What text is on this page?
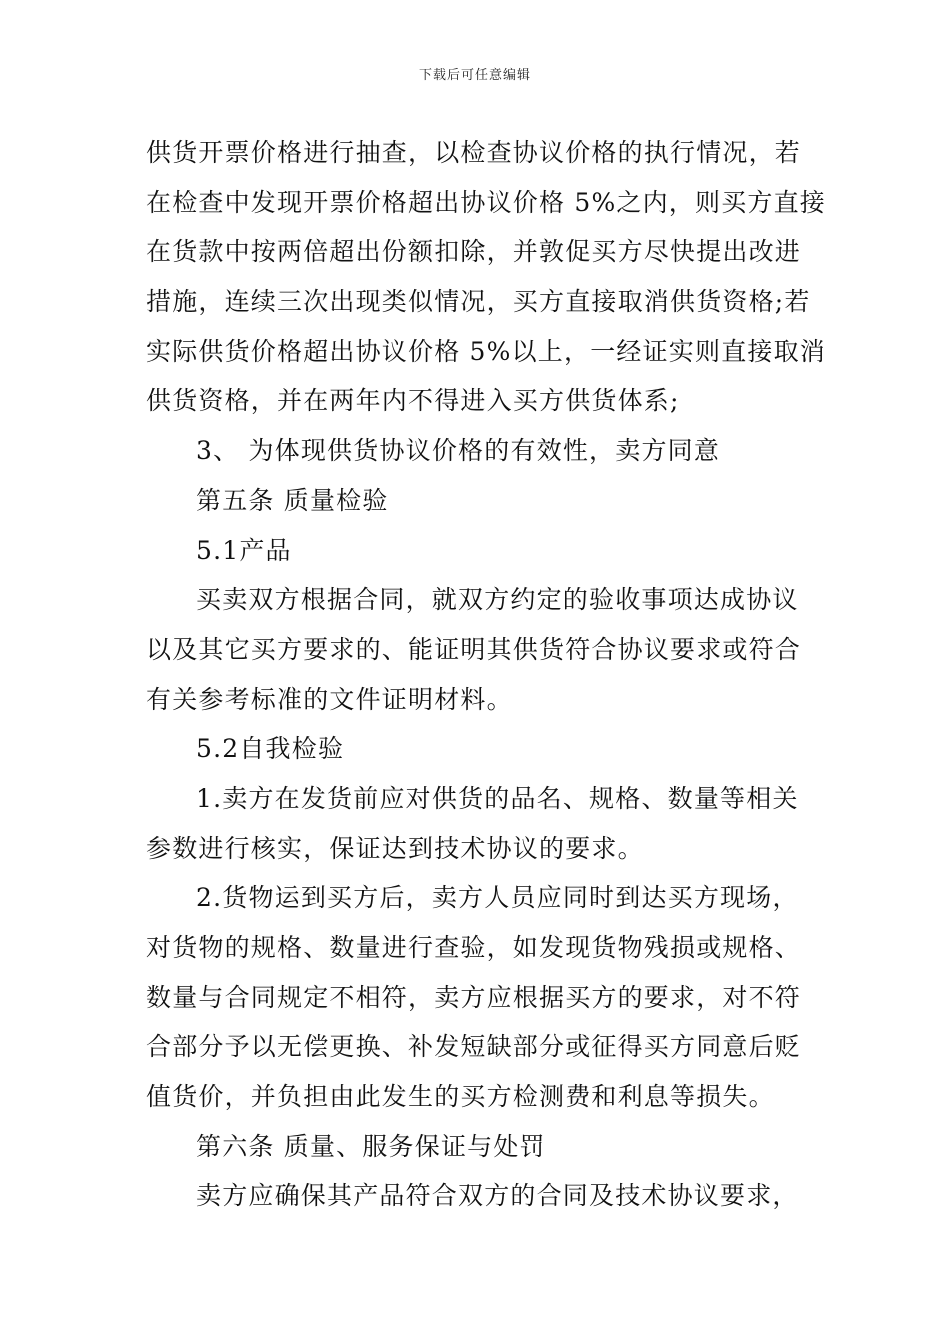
下载后可任意编辑
供货开票价格进行抽查，以检查协议价格的执行情况，若
在检查中发现开票价格超出协议价格 5%之内，则买方直接
在货款中按两倍超出份额扣除，并敦促买方尽快提出改进
措施，连续三次出现类似情况，买方直接取消供货资格;若
实际供货价格超出协议价格 5%以上，一经证实则直接取消
供货资格，并在两年内不得进入买方供货体系;
3、 为体现供货协议价格的有效性，卖方同意
第五条 质量检验
5.1产品
买卖双方根据合同，就双方约定的验收事项达成协议
以及其它买方要求的、能证明其供货符合协议要求或符合
有关参考标准的文件证明材料。
5.2自我检验
1.卖方在发货前应对供货的品名、规格、数量等相关
参数进行核实，保证达到技术协议的要求。
2.货物运到买方后，卖方人员应同时到达买方现场，
对货物的规格、数量进行查验，如发现货物残损或规格、
数量与合同规定不相符，卖方应根据买方的要求，对不符
合部分予以无偿更换、补发短缺部分或征得买方同意后贬
值货价，并负担由此发生的买方检测费和利息等损失。
第六条 质量、服务保证与处罚
卖方应确保其产品符合双方的合同及技术协议要求，
